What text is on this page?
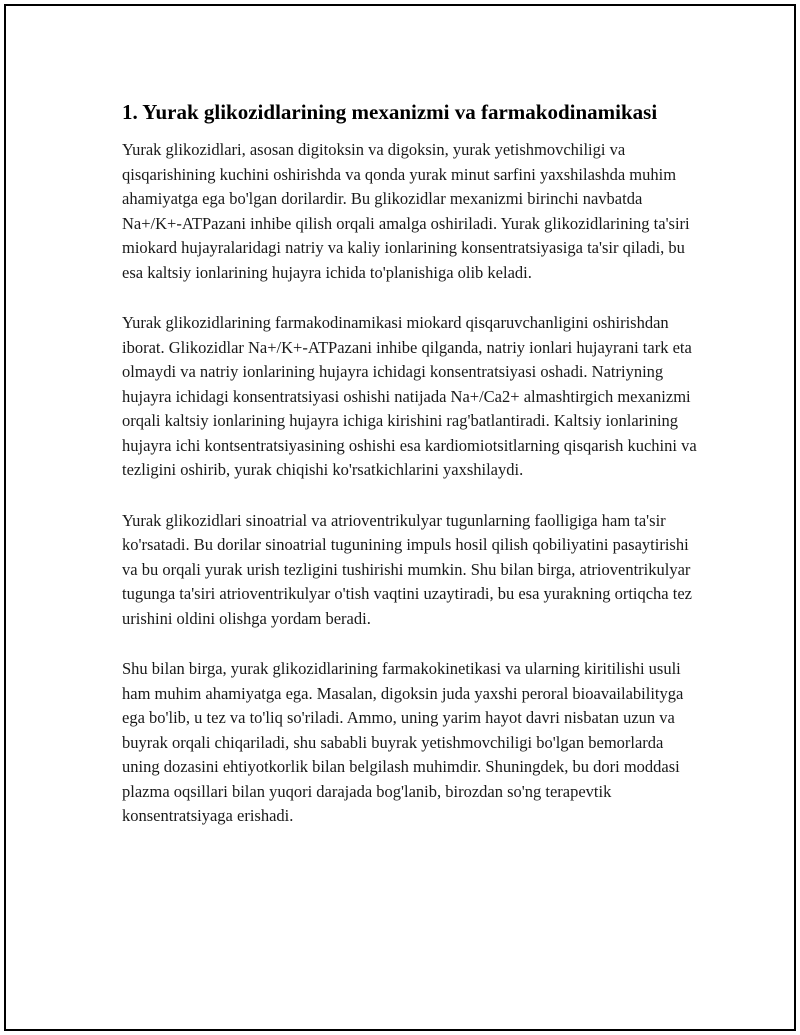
1. Yurak glikozidlarining mexanizmi va farmakodinamikasi

Yurak glikozidlari, asosan digitoksin va digoksin, yurak yetishmovchiligi va qisqarishining kuchini oshirishda va qonda yurak minut sarfini yaxshilashda muhim ahamiyatga ega bo'lgan dorilardir. Bu glikozidlar mexanizmi birinchi navbatda Na+/K+-ATPazani inhibe qilish orqali amalga oshiriladi. Yurak glikozidlarining ta'siri miokard hujayralaridagi natriy va kaliy ionlarining konsentratsiyasiga ta'sir qiladi, bu esa kaltsiy ionlarining hujayra ichida to'planishiga olib keladi.

Yurak glikozidlarining farmakodinamikasi miokard qisqaruvchanligini oshirishdan iborat. Glikozidlar Na+/K+-ATPazani inhibe qilganda, natriy ionlari hujayrani tark eta olmaydi va natriy ionlarining hujayra ichidagi konsentratsiyasi oshadi. Natriyning hujayra ichidagi konsentratsiyasi oshishi natijada Na+/Ca2+ almashtirgich mexanizmi orqali kaltsiy ionlarining hujayra ichiga kirishini rag'batlantiradi. Kaltsiy ionlarining hujayra ichi kontsentratsiyasining oshishi esa kardiomiotsitlarning qisqarish kuchini va tezligini oshirib, yurak chiqishi ko'rsatkichlarini yaxshilaydi.

Yurak glikozidlari sinoatrial va atrioventrikulyar tugunlarning faolligiga ham ta'sir ko'rsatadi. Bu dorilar sinoatrial tugunining impuls hosil qilish qobiliyatini pasaytirishi va bu orqali yurak urish tezligini tushirishi mumkin. Shu bilan birga, atrioventrikulyar tugunga ta'siri atrioventrikulyar o'tish vaqtini uzaytiradi, bu esa yurakning ortiqcha tez urishini oldini olishga yordam beradi.

Shu bilan birga, yurak glikozidlarining farmakokinetikasi va ularning kiritilishi usuli ham muhim ahamiyatga ega. Masalan, digoksin juda yaxshi peroral bioavailabilityga ega bo'lib, u tez va to'liq so'riladi. Ammo, uning yarim hayot davri nisbatan uzun va buyrak orqali chiqariladi, shu sababli buyrak yetishmovchiligi bo'lgan bemorlarda uning dozasini ehtiyotkorlik bilan belgilash muhimdir. Shuningdek, bu dori moddasi plazma oqsillari bilan yuqori darajada bog'lanib, birozdan so'ng terapevtik konsentratsiyaga erishadi.
